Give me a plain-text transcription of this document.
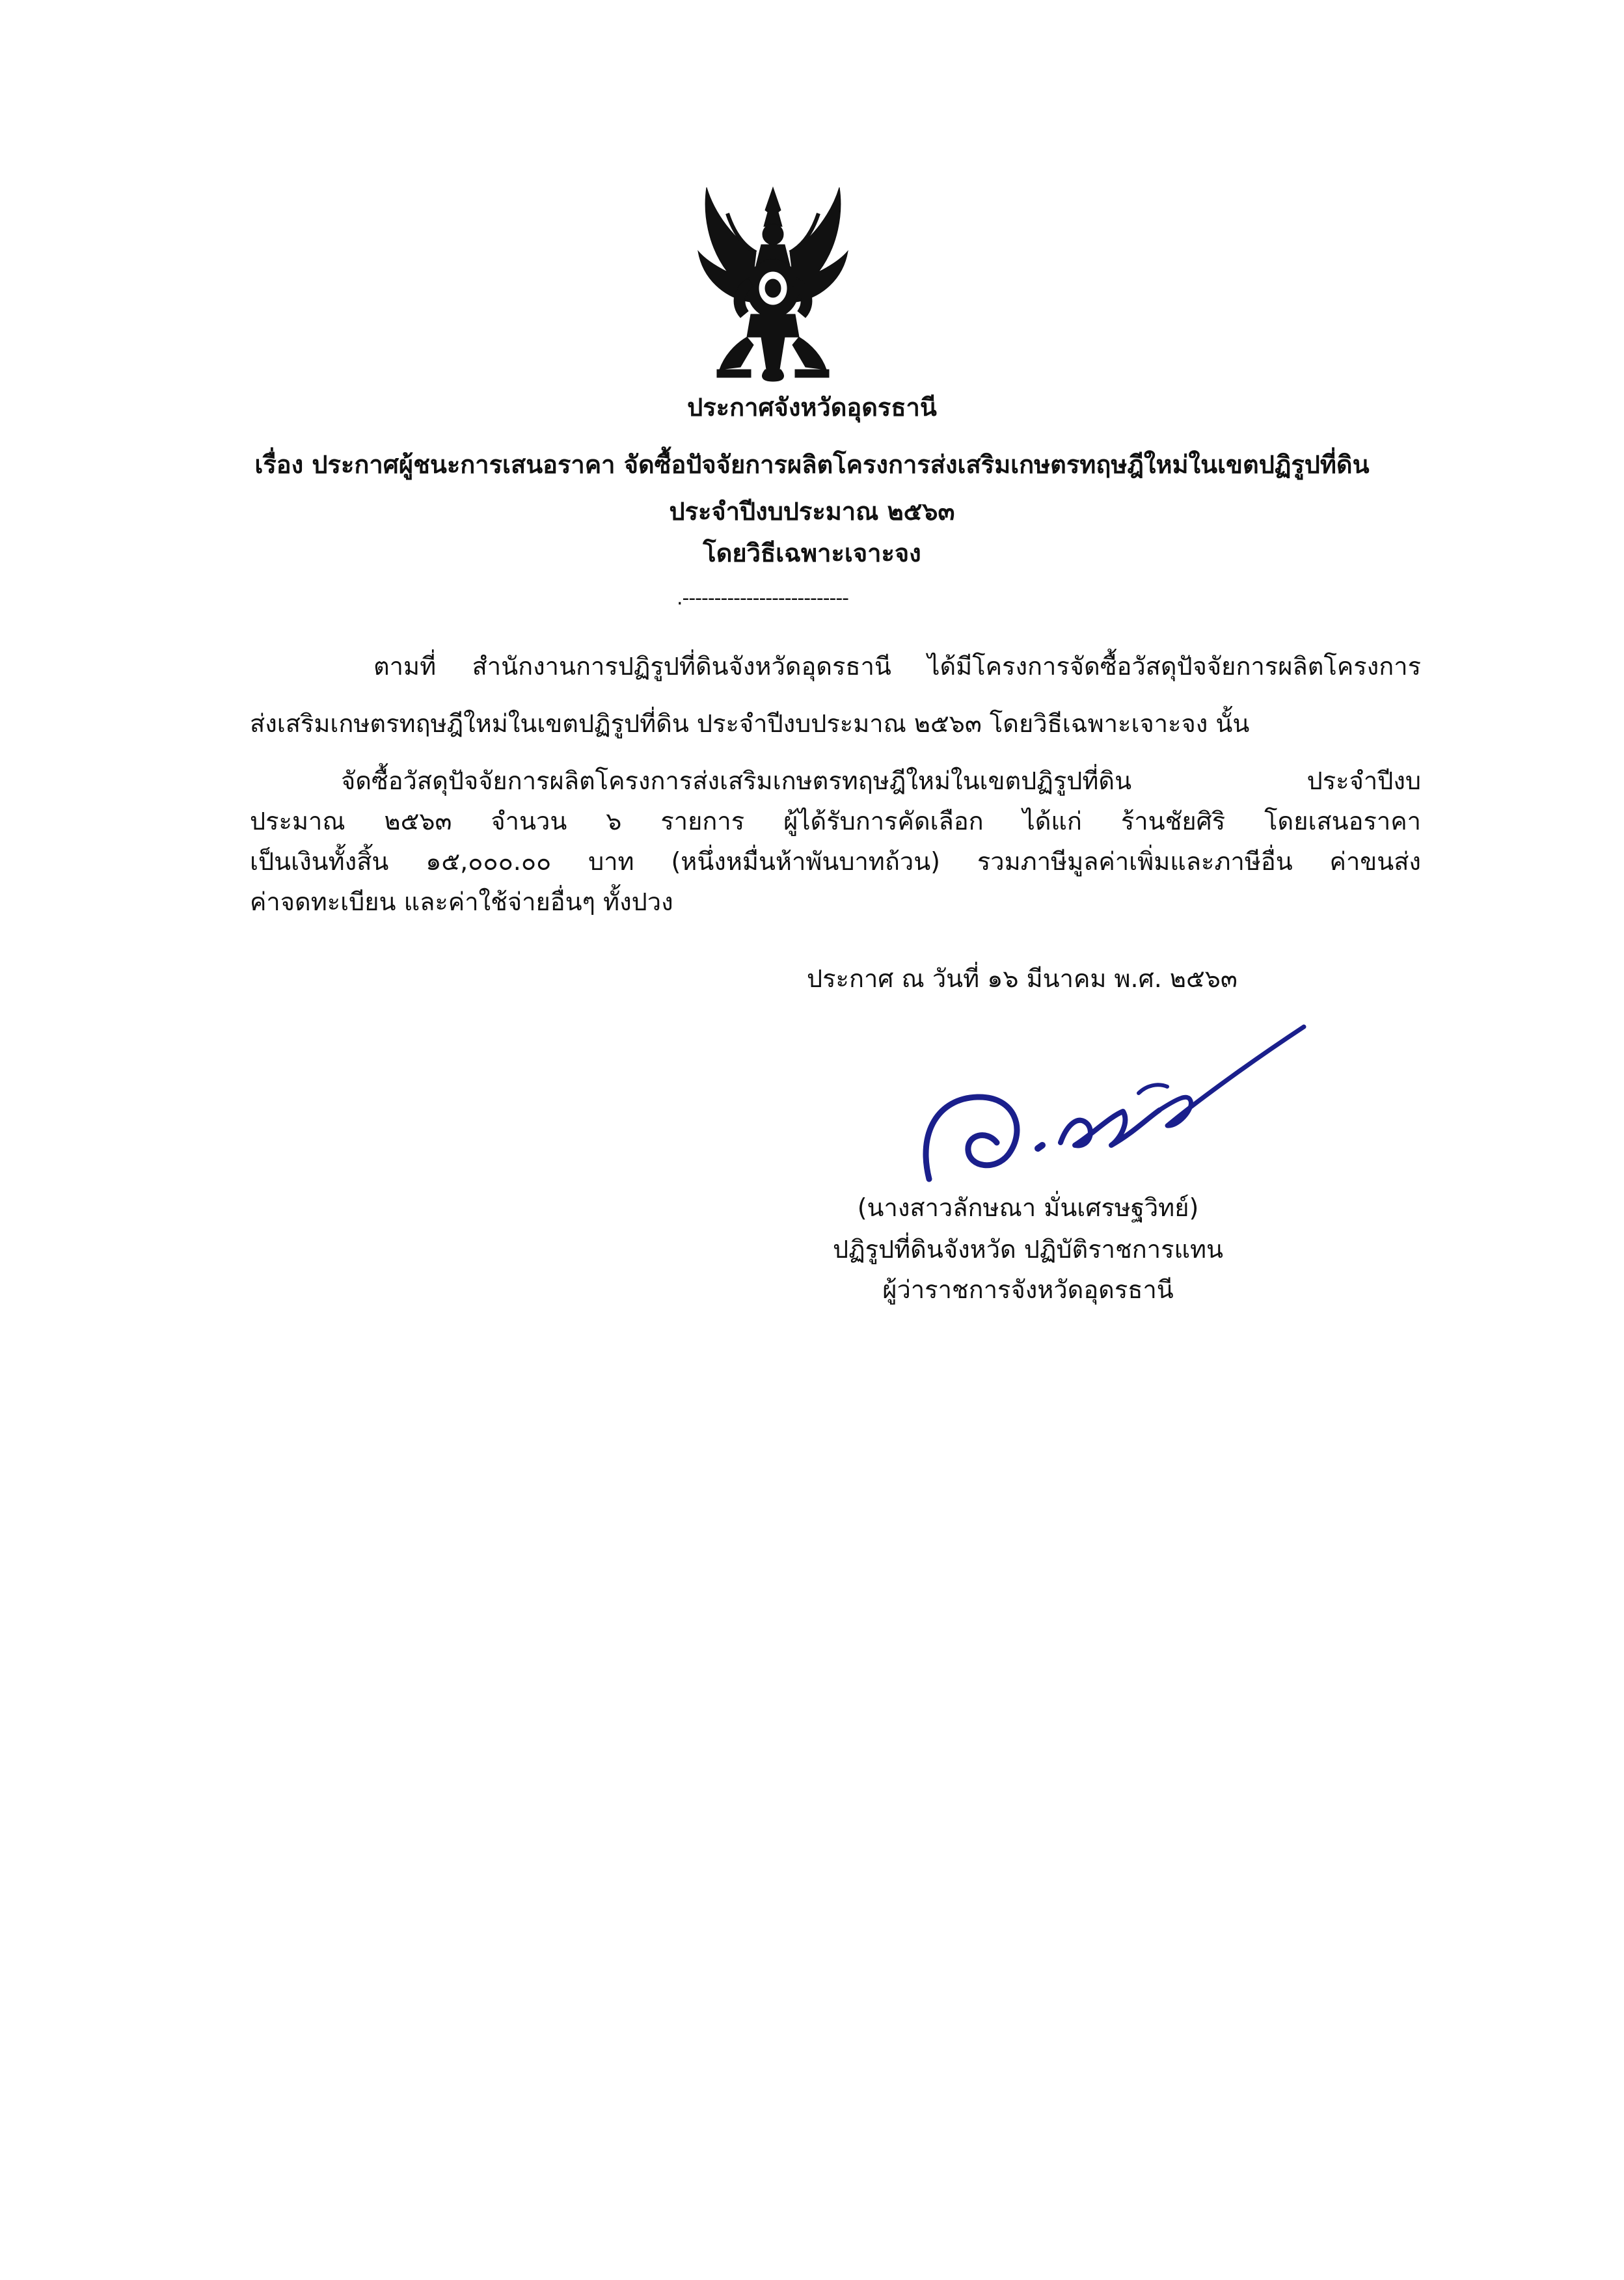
ประกาศจังหวัดอุดรธานี
เรื่อง ประกาศผู้ชนะการเสนอราคา จัดซื้อปัจจัยการผลิตโครงการส่งเสริมเกษตรทฤษฎีใหม่ในเขตปฏิรูปที่ดิน
ประจำปีงบประมาณ ๒๕๖๓
โดยวิธีเฉพาะเจาะจง
.--------------------------
ตามที่ สำนักงานการปฏิรูปที่ดินจังหวัดอุดรธานี ได้มีโครงการจัดซื้อวัสดุปัจจัยการผลิตโครงการ
ส่งเสริมเกษตรทฤษฎีใหม่ในเขตปฏิรูปที่ดิน ประจำปีงบประมาณ ๒๕๖๓ โดยวิธีเฉพาะเจาะจง นั้น
จัดซื้อวัสดุปัจจัยการผลิตโครงการส่งเสริมเกษตรทฤษฎีใหม่ในเขตปฏิรูปที่ดิน ประจำปีงบ
ประมาณ ๒๕๖๓ จำนวน ๖ รายการ ผู้ได้รับการคัดเลือก ได้แก่ ร้านชัยศิริ โดยเสนอราคา
เป็นเงินทั้งสิ้น ๑๕,๐๐๐.๐๐ บาท (หนึ่งหมื่นห้าพันบาทถ้วน) รวมภาษีมูลค่าเพิ่มและภาษีอื่น ค่าขนส่ง
ค่าจดทะเบียน และค่าใช้จ่ายอื่นๆ ทั้งปวง
ประกาศ ณ วันที่ ๑๖ มีนาคม พ.ศ. ๒๕๖๓
(นางสาวลักษณา มั่นเศรษฐวิทย์)
ปฏิรูปที่ดินจังหวัด ปฏิบัติราชการแทน
ผู้ว่าราชการจังหวัดอุดรธานี
